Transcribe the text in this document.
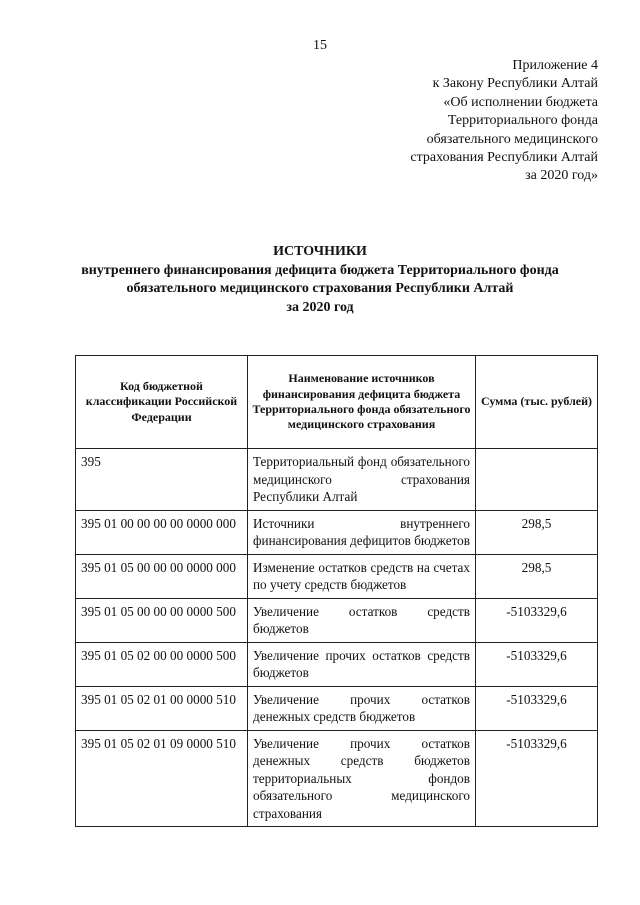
15
Приложение 4
к Закону Республики Алтай
«Об исполнении бюджета
Территориального фонда
обязательного медицинского
страхования Республики Алтай
за 2020 год»
ИСТОЧНИКИ
внутреннего финансирования дефицита бюджета Территориального фонда
обязательного медицинского страхования Республики Алтай
за 2020 год
Код бюджетной классификации Российской Федерации	Наименование источников финансирования дефицита бюджета Территориального фонда обязательного медицинского страхования	Сумма (тыс. рублей)
395	Территориальный фонд обязательного медицинского страхования Республики Алтай	
395 01 00 00 00 00 0000 000	Источники внутреннего финансирования дефицитов бюджетов	298,5
395 01 05 00 00 00 0000 000	Изменение остатков средств на счетах по учету средств бюджетов	298,5
395 01 05 00 00 00 0000 500	Увеличение остатков средств бюджетов	-5103329,6
395 01 05 02 00 00 0000 500	Увеличение прочих остатков средств бюджетов	-5103329,6
395 01 05 02 01 00 0000 510	Увеличение прочих остатков денежных средств бюджетов	-5103329,6
395 01 05 02 01 09 0000 510	Увеличение прочих остатков денежных средств бюджетов территориальных фондов обязательного медицинского страхования	-5103329,6
